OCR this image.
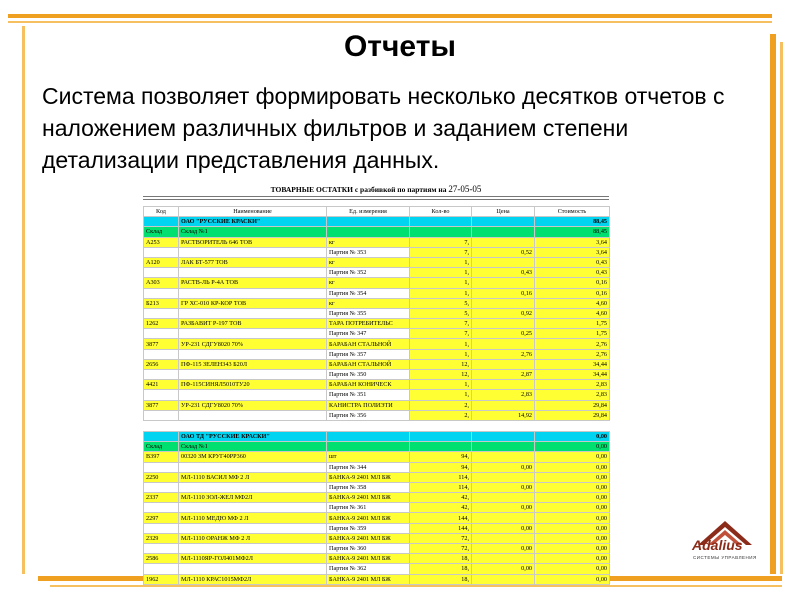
Отчеты
Система позволяет формировать несколько десятков отчетов с наложением различных фильтров и заданием степени детализации представления данных.
ТОВАРНЫЕ ОСТАТКИ с разбивкой по партиям на 27-05-05
Код	Наименование	Ед. измерения	Кол-во	Цена	Стоимость
	ОАО "РУССКИЕ КРАСКИ"				88,45
Склад	Склад №1				88,45
A253	РАСТВОРИТЕЛЬ 646 ТОВ	кг	7,		3,64
		Партия № 353	7,	0,52	3,64
A120	ЛАК БТ-577 ТОВ	кг	1,		0,43
		Партия № 352	1,	0,43	0,43
A303	РАСТВ-ЛЬ Р-4А ТОВ	кг	1,		0,16
		Партия № 354	1,	0,16	0,16
Б213	ГР ХС-010 КР-КОР ТОВ	кг	5,		4,60
		Партия № 355	5,	0,92	4,60
1262	РАЗБАВИТ Р-197 ТОВ	ТАРА ПОТРЕБИТЕЛЬС	7,		1,75
		Партия № 347	7,	0,25	1,75
3877	УР-231 СДГУ8020 70%	БАРАБАН СТАЛЬНОЙ	1,		2,76
		Партия № 357	1,	2,76	2,76
2656	ПФ-115 ЗЕЛЕН343 Б20Л	БАРАБАН СТАЛЬНОЙ	12,		34,44
		Партия № 350	12,	2,87	34,44
4421	ПФ-115СИНЯЛ5010ТУ20	БАРАБАН КОНИЧЕСК	1,		2,83
		Партия № 351	1,	2,83	2,83
3877	УР-231 СДГУ8020 70%	КАНИСТРА ПОЛИЭТИ	2,		29,84
		Партия № 356	2,	14,92	29,84

	ОАО ТД "РУССКИЕ КРАСКИ"				0,00
Склад	Склад №1				0,00
B397	00320 ЗМ КРУГ40РР360	шт	94,		0,00
		Партия № 344	94,	0,00	0,00
2250	МЛ-1110 ВАСИЛ МФ 2 Л	БАНКА-9 2401 МЛ БЖ	114,		0,00
		Партия № 358	114,	0,00	0,00
2337	МЛ-1110 ЗОЛ-ЖЕЛ МФ2Л	БАНКА-9 2401 МЛ БЖ	42,		0,00
		Партия № 361	42,	0,00	0,00
2297	МЛ-1110 МЕДЮ МФ 2 Л	БАНКА-9 2401 МЛ БЖ	144,		0,00
		Партия № 359	144,	0,00	0,00
2329	МЛ-1110 ОРАНЖ МФ 2 Л	БАНКА-9 2401 МЛ БЖ	72,		0,00
		Партия № 360	72,	0,00	0,00
2586	МЛ-1110ЯР-ГОЛ401МФ2Л	БАНКА-9 2401 МЛ БЖ	18,		0,00
		Партия № 362	18,	0,00	0,00
1962	МЛ-1110 КРАС1015МФ2Л	БАНКА-9 2401 МЛ БЖ	18,		0,00
Adalius
СИСТЕМЫ УПРАВЛЕНИЯ
